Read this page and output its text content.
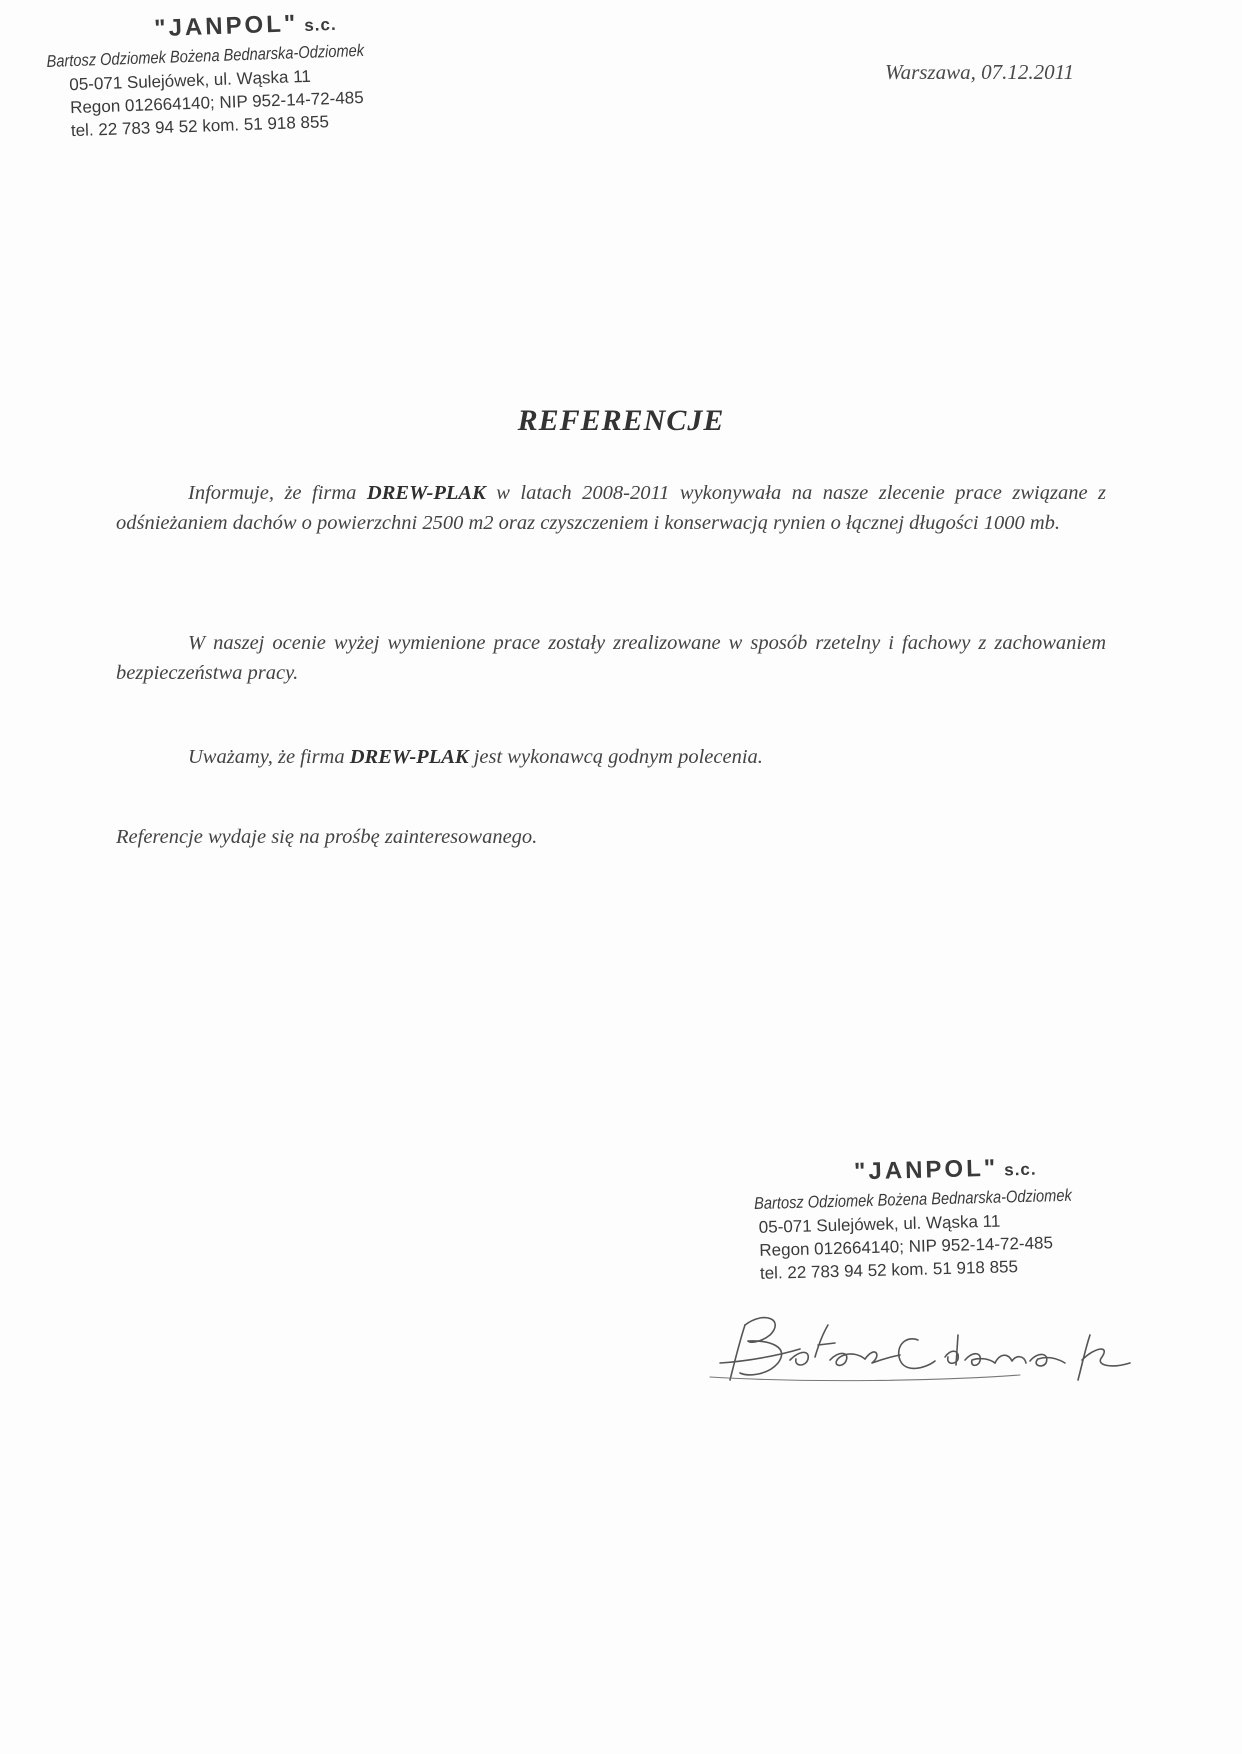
"JANPOL" s.c.
Bartosz Odziomek Bożena Bednarska-Odziomek
05-071 Sulejówek, ul. Wąska 11
Regon 012664140; NIP 952-14-72-485
tel. 22 783 94 52 kom. 51 918 855
Warszawa, 07.12.2011
REFERENCJE
Informuje, że firma DREW-PLAK w latach 2008-2011 wykonywała na nasze zlecenie prace związane z odśnieżaniem dachów o powierzchni 2500 m2 oraz czyszczeniem i konserwacją rynien o łącznej długości 1000 mb.
W naszej ocenie wyżej wymienione prace zostały zrealizowane w sposób rzetelny i fachowy z zachowaniem bezpieczeństwa pracy.
Uważamy, że firma DREW-PLAK jest wykonawcą godnym polecenia.
Referencje wydaje się na prośbę zainteresowanego.
"JANPOL" s.c.
Bartosz Odziomek Bożena Bednarska-Odziomek
05-071 Sulejówek, ul. Wąska 11
Regon 012664140; NIP 952-14-72-485
tel. 22 783 94 52 kom. 51 918 855
